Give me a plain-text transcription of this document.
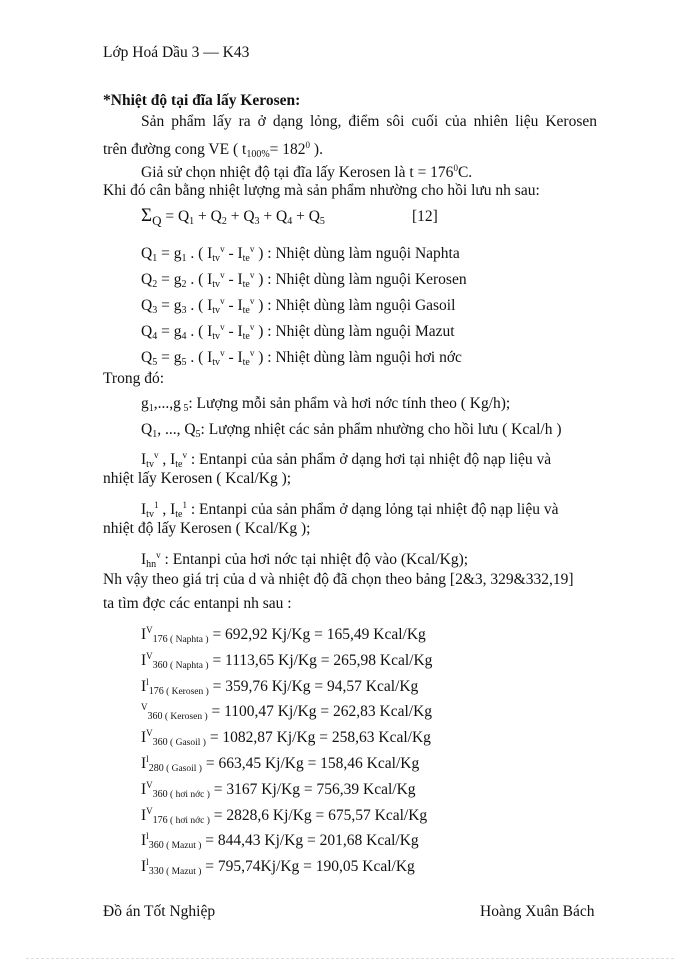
Lớp Hoá Dầu 3 — K43
*Nhiệt độ tại đĩa lấy Kerosen:
Sản phẩm lấy ra ở dạng lỏng, điểm sôi cuối của nhiên liệu Kerosen
trên đường cong VE ( $t_{100\%}= 182^0$ ).
Giả sử chọn nhiệt độ tại đĩa lấy Kerosen là $t = 176^0C$.
Khi đó cân bằng nhiệt lượng mà sản phẩm nhường cho hồi lưu nh sau:
$\Sigma_Q = Q_1 + Q_2 + Q_3 + Q_4 + Q_5$	[12]
$Q_1 = g_1$ . ( $I_{tv}^v - I_{te}^v$ ) : Nhiệt dùng làm nguội Naphta
$Q_2 = g_2$ . ( $I_{tv}^v - I_{te}^v$ ) : Nhiệt dùng làm nguội Kerosen
$Q_3 = g_3$ . ( $I_{tv}^v - I_{te}^v$ ) : Nhiệt dùng làm nguội Gasoil
$Q_4 = g_4$ . ( $I_{tv}^v - I_{te}^v$ ) : Nhiệt dùng làm nguội Mazut
$Q_5 = g_5$ . ( $I_{tv}^v - I_{te}^v$ ) : Nhiệt dùng làm nguội hơi nớc
Trong đó:
$g_1,...,g$ $_5$: Lượng mỗi sản phẩm và hơi nớc tính theo ( Kg/h);
$Q_1$, ..., $Q_5$: Lượng nhiệt các sản phẩm nhường cho hồi lưu ( Kcal/h )
$I_{tv}^v$ , $I_{te}^v$ : Entanpi của sản phẩm ở dạng hơi tại nhiệt độ nạp liệu và
nhiệt lấy Kerosen ( Kcal/Kg );
$I_{tv}^1$ , $I_{te}^1$ : Entanpi của sản phẩm ở dạng lỏng tại nhiệt độ nạp liệu và
nhiệt độ lấy Kerosen ( Kcal/Kg );
$I_{hn}^v$ : Entanpi của hơi nớc tại nhiệt độ vào (Kcal/Kg);
Nh vậy theo giá trị của d và nhiệt độ đã chọn theo bảng [2&3, 329&332,19]
ta tìm đợc các entanpi nh sau :
$I^V_{176}$ $_{( Naphta )}$ = 692,92 Kj/Kg = 165,49 Kcal/Kg
$I^V_{360}$ $_{( Naphta )}$ = 1113,65 Kj/Kg = 265,98 Kcal/Kg
$I^l_{176}$ $_{( Kerosen )}$ = 359,76 Kj/Kg = 94,57 Kcal/Kg
$^V_{360}$ $_{( Kerosen )}$ = 1100,47 Kj/Kg = 262,83 Kcal/Kg
$I^V_{360}$ $_{( Gasoil )}$ = 1082,87 Kj/Kg = 258,63 Kcal/Kg
$I^l_{280}$ $_{( Gasoil )}$ = 663,45 Kj/Kg = 158,46 Kcal/Kg
$I^V_{360}$ $_{( hơi nớc )}$ = 3167 Kj/Kg = 756,39 Kcal/Kg
$I^V_{176}$ $_{( hơi nớc )}$ = 2828,6 Kj/Kg = 675,57 Kcal/Kg
$I^l_{360}$ $_{( Mazut )}$ = 844,43 Kj/Kg = 201,68 Kcal/Kg
$I^l_{330}$ $_{( Mazut )}$ = 795,74Kj/Kg = 190,05 Kcal/Kg
Đồ án Tốt Nghiệp	Hoàng Xuân Bách
